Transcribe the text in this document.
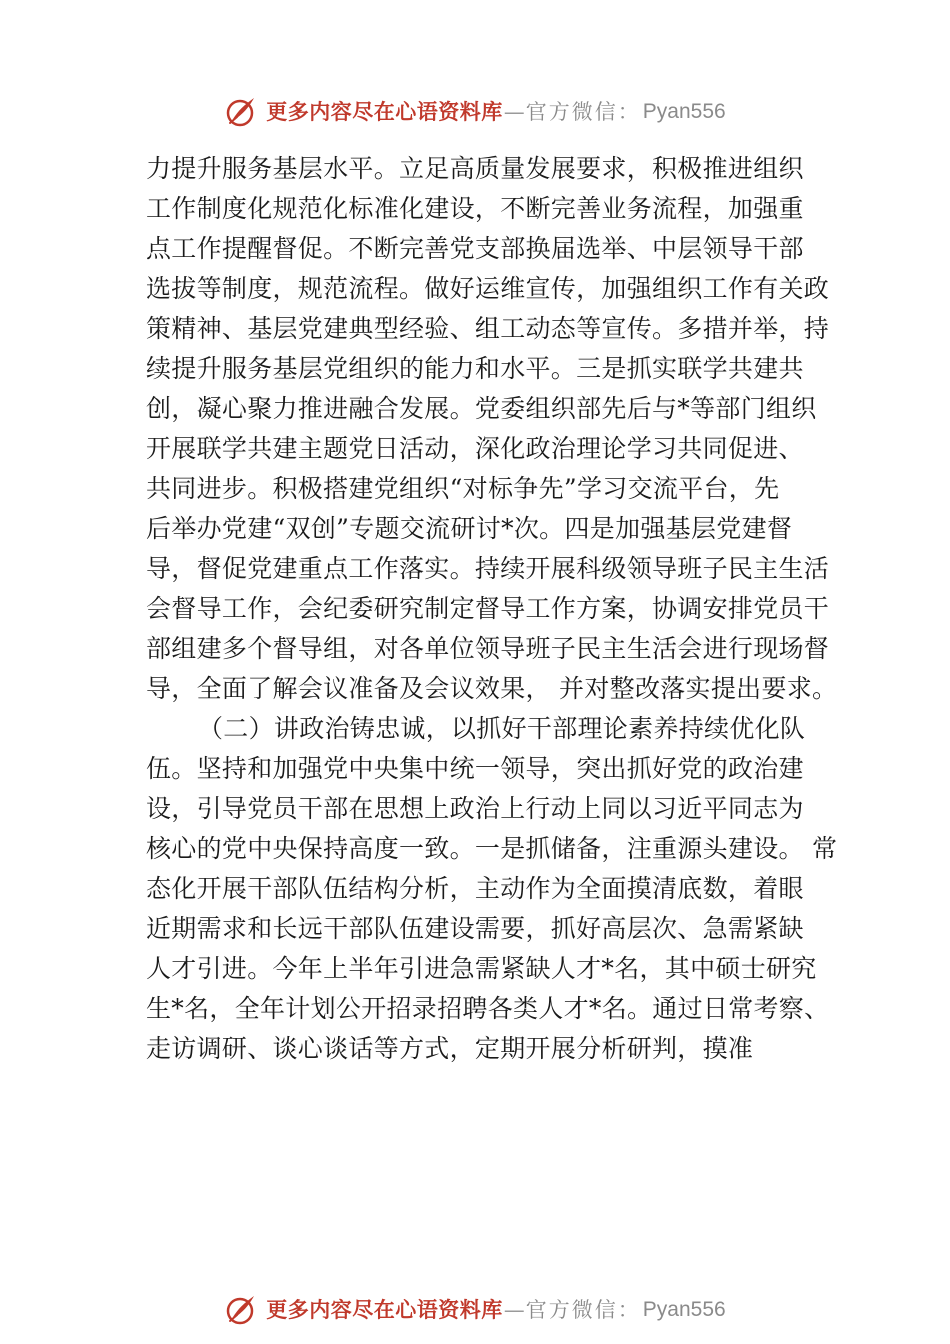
更多内容尽在心语资料库 — 官方微信： Pyan556
力提升服务基层水平。立足高质量发展要求，积极推进组织
工作制度化规范化标准化建设，不断完善业务流程，加强重
点工作提醒督促。不断完善党支部换届选举、中层领导干部
选拔等制度，规范流程。做好运维宣传，加强组织工作有关政
策精神、基层党建典型经验、组工动态等宣传。多措并举，持
续提升服务基层党组织的能力和水平。三是抓实联学共建共
创，凝心聚力推进融合发展。党委组织部先后与*等部门组织
开展联学共建主题党日活动，深化政治理论学习共同促进、
共同进步。积极搭建党组织“对标争先”学习交流平台，先
后举办党建“双创”专题交流研讨*次。四是加强基层党建督
导，督促党建重点工作落实。持续开展科级领导班子民主生活
会督导工作，会纪委研究制定督导工作方案，协调安排党员干
部组建多个督导组，对各单位领导班子民主生活会进行现场督
导，全面了解会议准备及会议效果， 并对整改落实提出要求。
（二）讲政治铸忠诚，以抓好干部理论素养持续优化队
伍。坚持和加强党中央集中统一领导，突出抓好党的政治建
设，引导党员干部在思想上政治上行动上同以习近平同志为
核心的党中央保持高度一致。一是抓储备，注重源头建设。 常
态化开展干部队伍结构分析，主动作为全面摸清底数，着眼
近期需求和长远干部队伍建设需要，抓好高层次、急需紧缺
人才引进。今年上半年引进急需紧缺人才*名，其中硕士研究
生*名，全年计划公开招录招聘各类人才*名。通过日常考察、
走访调研、谈心谈话等方式，定期开展分析研判，摸准
更多内容尽在心语资料库 — 官方微信： Pyan556
